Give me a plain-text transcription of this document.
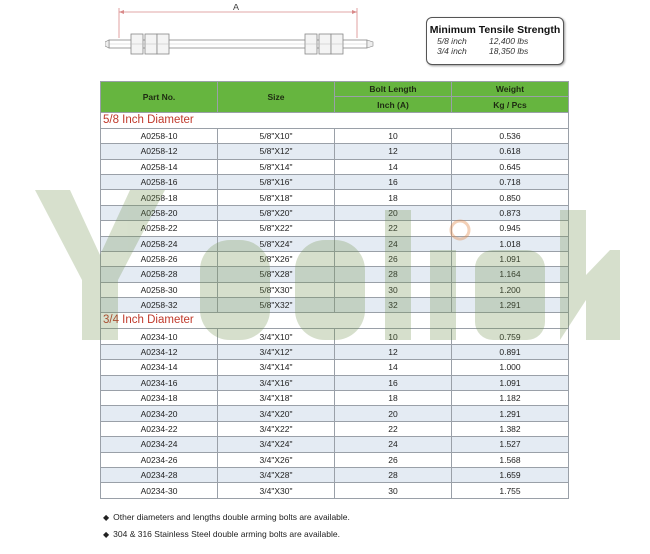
A
Minimum Tensile Strength
5/8 inch	12,400 lbs
3/4 inch	18,350 lbs
Part No.	Size	Bolt Length	Weight
		Inch (A)	Kg / Pcs
5/8 Inch Diameter			
A0258-10	5/8"X10"	10	0.536
A0258-12	5/8"X12"	12	0.618
A0258-14	5/8"X14"	14	0.645
A0258-16	5/8"X16"	16	0.718
A0258-18	5/8"X18"	18	0.850
A0258-20	5/8"X20"	20	0.873
A0258-22	5/8"X22"	22	0.945
A0258-24	5/8"X24"	24	1.018
A0258-26	5/8"X26"	26	1.091
A0258-28	5/8"X28"	28	1.164
A0258-30	5/8"X30"	30	1.200
A0258-32	5/8"X32"	32	1.291
3/4 Inch Diameter			
A0234-10	3/4"X10"	10	0.759
A0234-12	3/4"X12"	12	0.891
A0234-14	3/4"X14"	14	1.000
A0234-16	3/4"X16"	16	1.091
A0234-18	3/4"X18"	18	1.182
A0234-20	3/4"X20"	20	1.291
A0234-22	3/4"X22"	22	1.382
A0234-24	3/4"X24"	24	1.527
A0234-26	3/4"X26"	26	1.568
A0234-28	3/4"X28"	28	1.659
A0234-30	3/4"X30"	30	1.755
◆ Other diameters and lengths double arming bolts are available.
◆ 304 & 316 Stainless Steel double arming bolts are available.
